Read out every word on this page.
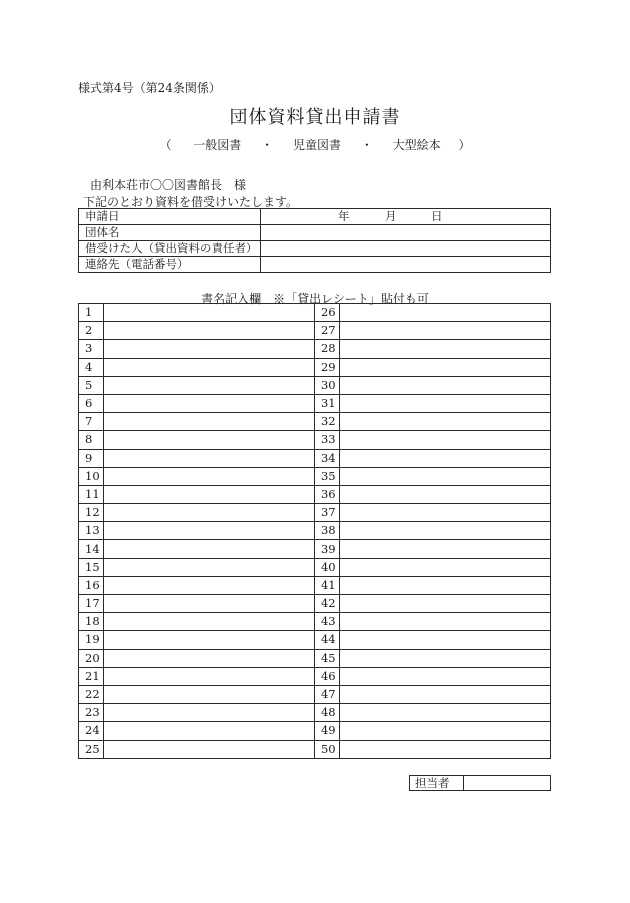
様式第4号（第24条関係）
団体資料貸出申請書
（ 一般図書 ・ 児童図書 ・ 大型絵本 ）
由利本荘市〇〇図書館長　様
下記のとおり資料を借受けいたします。
申請日	年 月 日

団体名	
借受けた人（貸出資料の責任者）	
連絡先（電話番号）	
書名記入欄　※「貸出レシート」貼付も可
1		26	
2		27	
3		28	
4		29	
5		30	
6		31	
7		32	
8		33	
9		34	
10		35	
11		36	
12		37	
13		38	
14		39	
15		40	
16		41	
17		42	
18		43	
19		44	
20		45	
21		46	
22		47	
23		48	
24		49	
25		50	
担当者	
